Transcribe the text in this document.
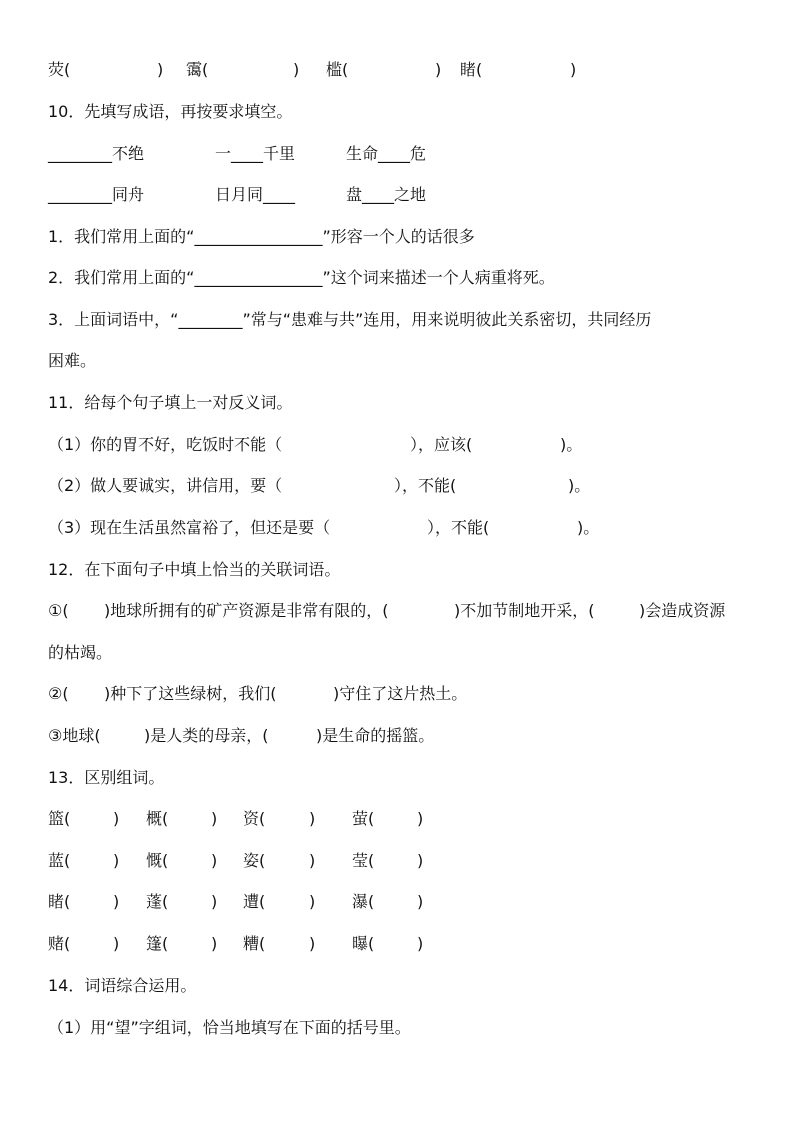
荧(	) 霭(	) 槛(	) 睹(	)
10．先填写成语，再按要求填空。
________不绝	一____千里	生命____危
________同舟	日月同____	盘____之地
1．我们常用上面的“________________”形容一个人的话很多
2．我们常用上面的“________________”这个词来描述一个人病重将死。
3．上面词语中，“________”常与“患难与共”连用，用来说明彼此关系密切，共同经历
困难。
11．给每个句子填上一对反义词。
（1）你的胃不好，吃饭时不能（	），应该(	)。
（2）做人要诚实，讲信用，要（	），不能(	)。
（3）现在生活虽然富裕了，但还是要（	），不能(	)。
12．在下面句子中填上恰当的关联词语。
①( )地球所拥有的矿产资源是非常有限的，(	)不加节制地开采，(	)会造成资源
的枯竭。
②( )种下了这些绿树，我们(	)守住了这片热土。
③地球(	)是人类的母亲，(	)是生命的摇篮。
13．区别组词。
篮(	) 概(	) 资(	) 萤(	)
蓝(	) 慨(	) 姿(	) 莹(	)
睹(	) 蓬(	) 遭(	) 瀑(	)
赌(	) 篷(	) 糟(	) 曝(	)
14．词语综合运用。
（1）用“望”字组词，恰当地填写在下面的括号里。
